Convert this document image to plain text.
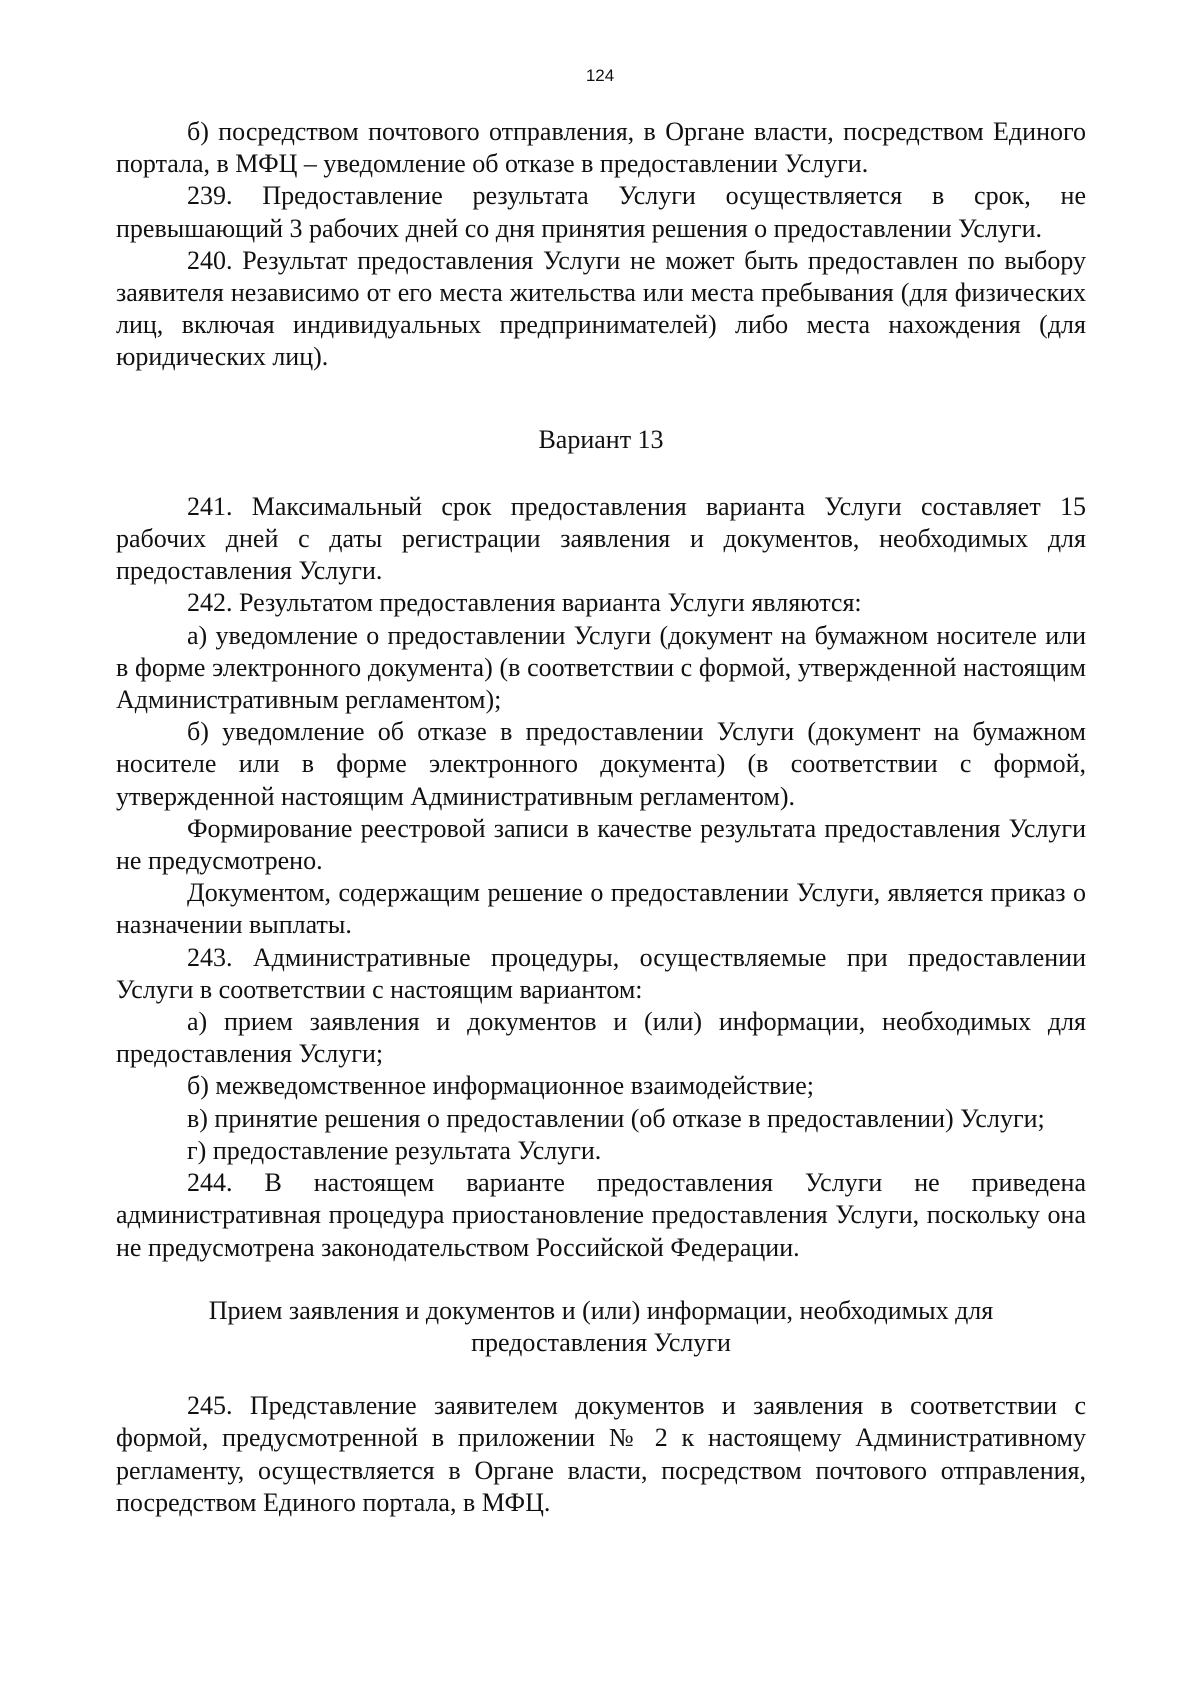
124

б) посредством почтового отправления, в Органе власти, посредством Единого портала, в МФЦ – уведомление об отказе в предоставлении Услуги.

239. Предоставление результата Услуги осуществляется в срок, не превышающий 3 рабочих дней со дня принятия решения о предоставлении Услуги.

240. Результат предоставления Услуги не может быть предоставлен по выбору заявителя независимо от его места жительства или места пребывания (для физических лиц, включая индивидуальных предпринимателей) либо места нахождения (для юридических лиц).

Вариант 13

241. Максимальный срок предоставления варианта Услуги составляет 15 рабочих дней с даты регистрации заявления и документов, необходимых для предоставления Услуги.

242. Результатом предоставления варианта Услуги являются:

а) уведомление о предоставлении Услуги (документ на бумажном носителе или в форме электронного документа) (в соответствии с формой, утвержденной настоящим Административным регламентом);

б) уведомление об отказе в предоставлении Услуги (документ на бумажном носителе или в форме электронного документа) (в соответствии с формой, утвержденной настоящим Административным регламентом).

Формирование реестровой записи в качестве результата предоставления Услуги не предусмотрено.

Документом, содержащим решение о предоставлении Услуги, является приказ о назначении выплаты.

243. Административные процедуры, осуществляемые при предоставлении Услуги в соответствии с настоящим вариантом:

а) прием заявления и документов и (или) информации, необходимых для предоставления Услуги;

б) межведомственное информационное взаимодействие;

в) принятие решения о предоставлении (об отказе в предоставлении) Услуги;

г) предоставление результата Услуги.

244. В настоящем варианте предоставления Услуги не приведена административная процедура приостановление предоставления Услуги, поскольку она не предусмотрена законодательством Российской Федерации.

Прием заявления и документов и (или) информации, необходимых для
предоставления Услуги

245. Представление заявителем документов и заявления в соответствии с формой, предусмотренной в приложении № 2 к настоящему Административному регламенту, осуществляется в Органе власти, посредством почтового отправления, посредством Единого портала, в МФЦ.
